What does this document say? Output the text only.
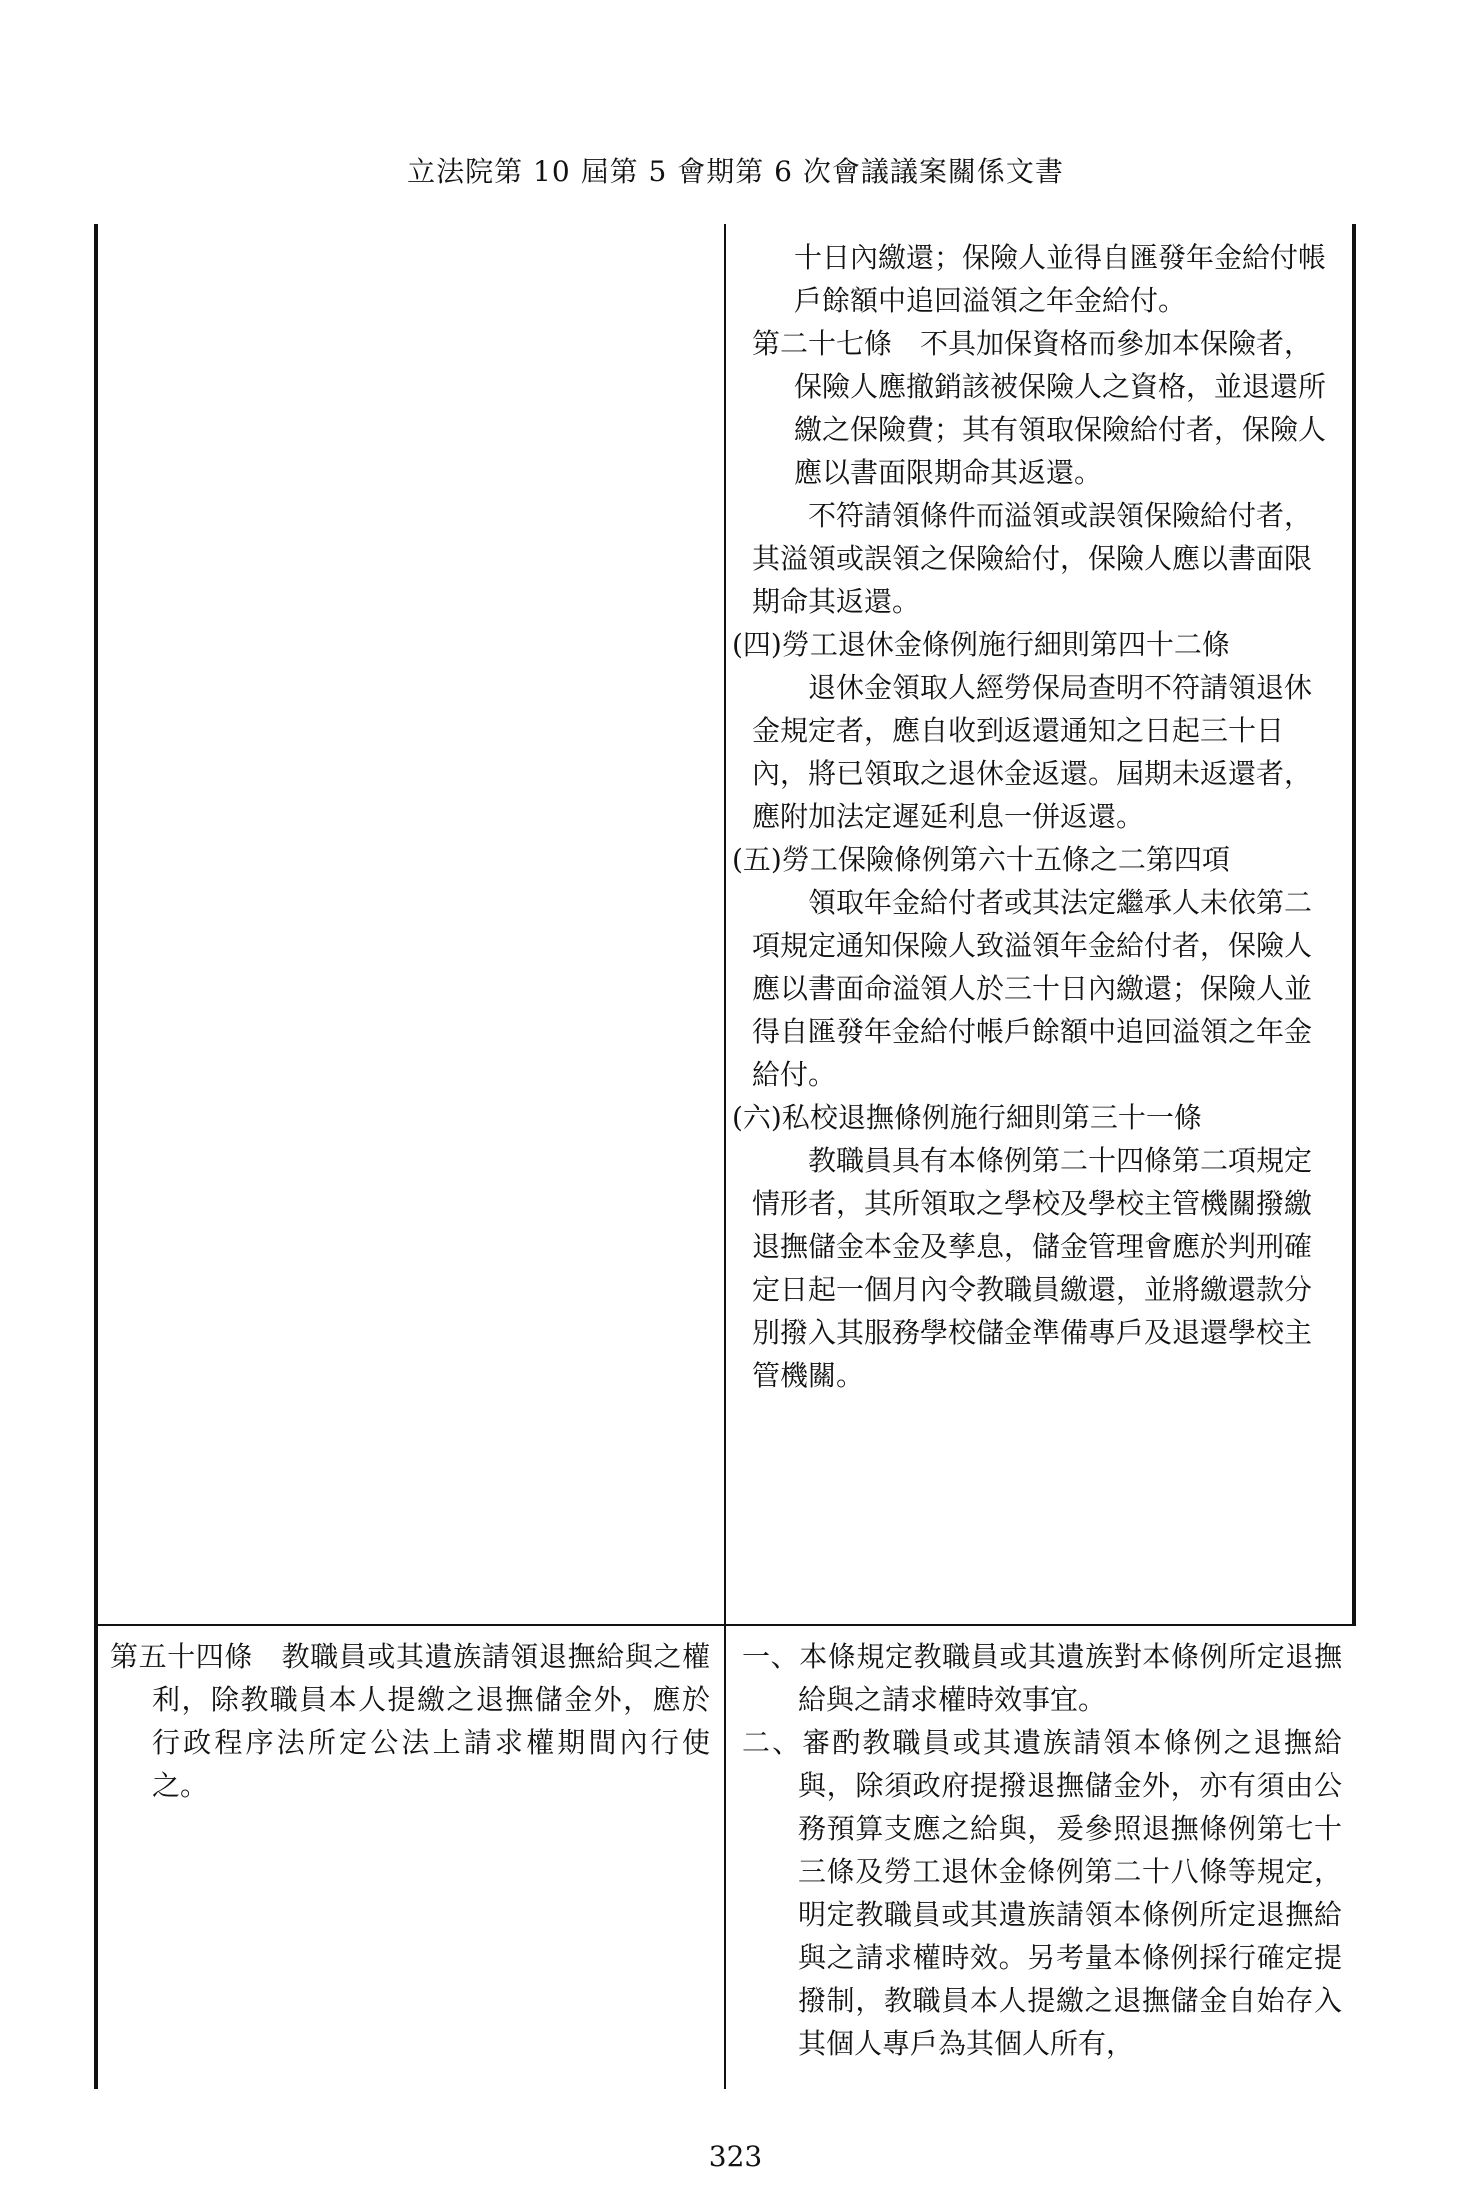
立法院第 10 屆第 5 會期第 6 次會議議案關係文書

十日內繳還；保險人並得自匯發年金給付帳戶餘額中追回溢領之年金給付。

第二十七條　不具加保資格而參加本保險者，保險人應撤銷該被保險人之資格，並退還所繳之保險費；其有領取保險給付者，保險人應以書面限期命其返還。

不符請領條件而溢領或誤領保險給付者，其溢領或誤領之保險給付，保險人應以書面限期命其返還。

(四)勞工退休金條例施行細則第四十二條

退休金領取人經勞保局查明不符請領退休金規定者，應自收到返還通知之日起三十日內，將已領取之退休金返還。屆期未返還者，應附加法定遲延利息一併返還。

(五)勞工保險條例第六十五條之二第四項

領取年金給付者或其法定繼承人未依第二項規定通知保險人致溢領年金給付者，保險人應以書面命溢領人於三十日內繳還；保險人並得自匯發年金給付帳戶餘額中追回溢領之年金給付。

(六)私校退撫條例施行細則第三十一條

教職員具有本條例第二十四條第二項規定情形者，其所領取之學校及學校主管機關撥繳退撫儲金本金及孳息，儲金管理會應於判刑確定日起一個月內令教職員繳還，並將繳還款分別撥入其服務學校儲金準備專戶及退還學校主管機關。

第五十四條　教職員或其遺族請領退撫給與之權利，除教職員本人提繳之退撫儲金外，應於行政程序法所定公法上請求權期間內行使之。

一、本條規定教職員或其遺族對本條例所定退撫給與之請求權時效事宜。

二、審酌教職員或其遺族請領本條例之退撫給與，除須政府提撥退撫儲金外，亦有須由公務預算支應之給與，爰參照退撫條例第七十三條及勞工退休金條例第二十八條等規定，明定教職員或其遺族請領本條例所定退撫給與之請求權時效。另考量本條例採行確定提撥制，教職員本人提繳之退撫儲金自始存入其個人專戶為其個人所有，

323
